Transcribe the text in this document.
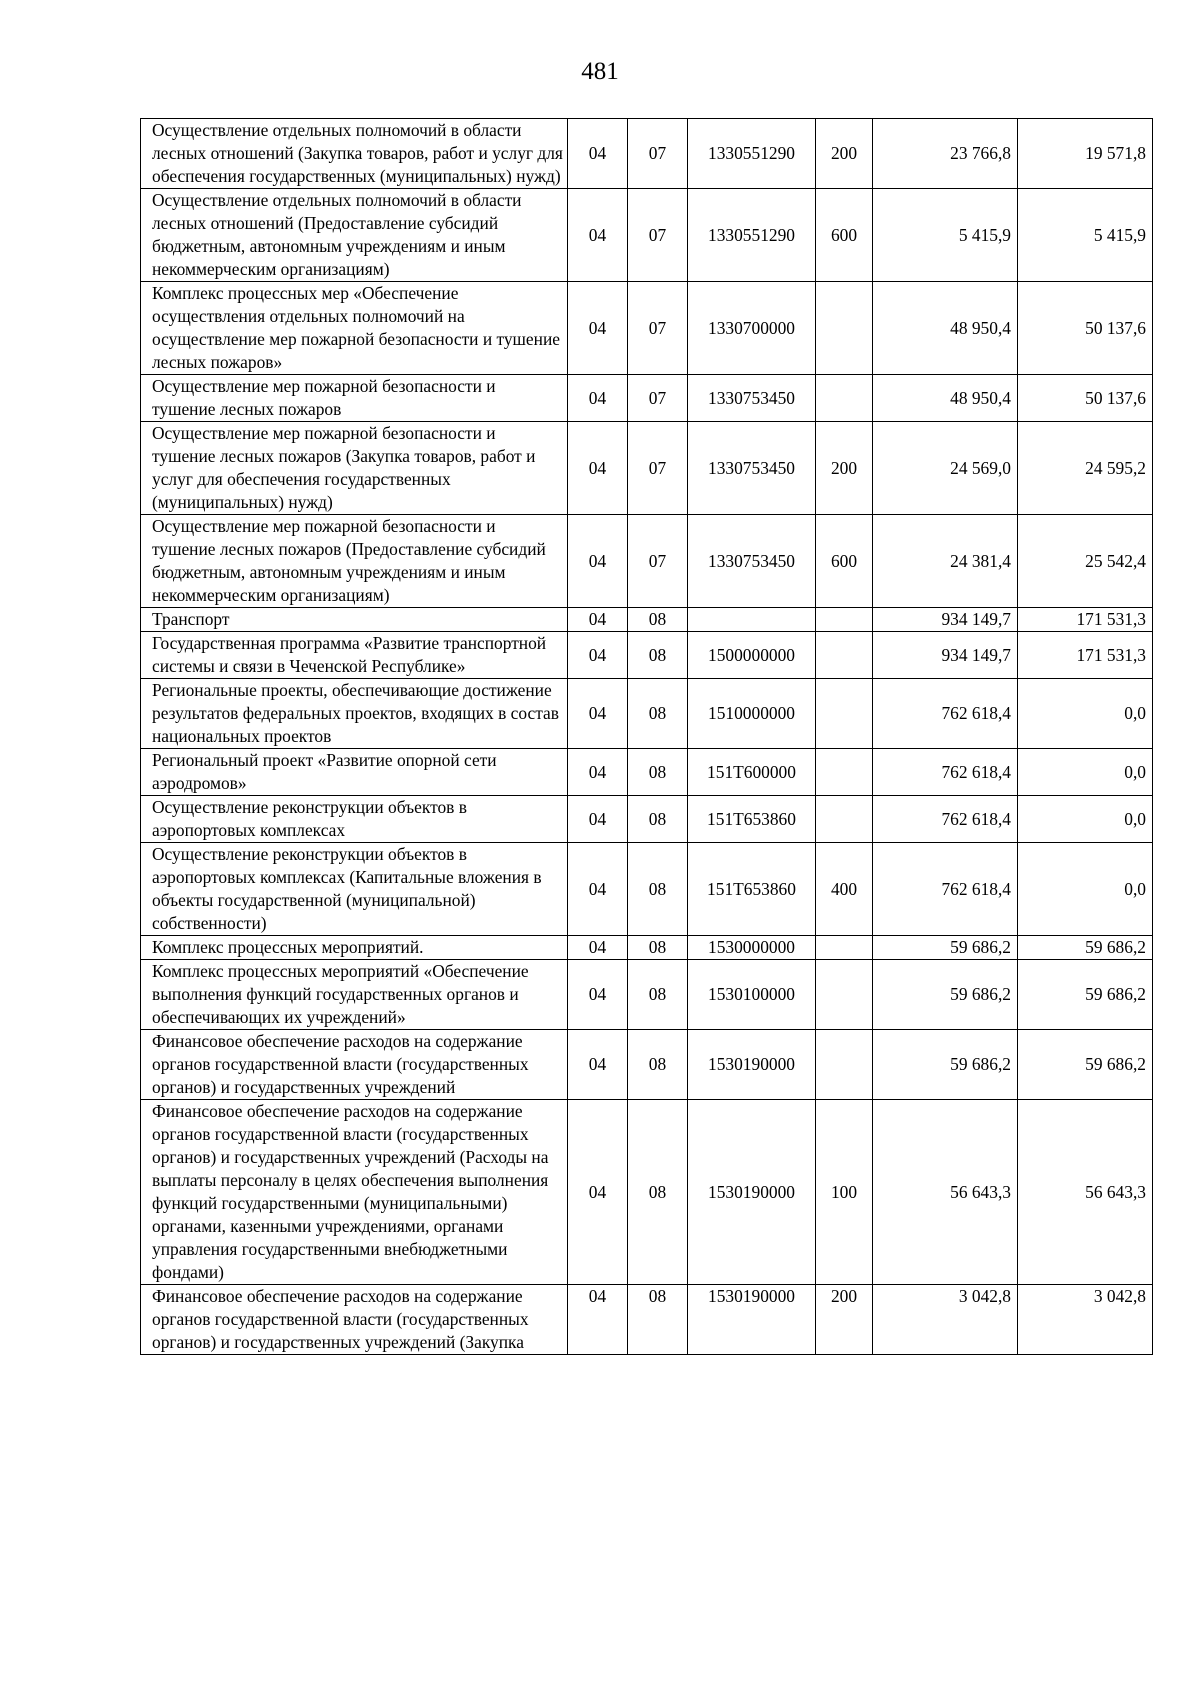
481
Осуществление отдельных полномочий в области лесных отношений (Закупка товаров, работ и услуг для обеспечения государственных (муниципальных) нужд)	04	07	1330551290	200	23 766,8	19 571,8
Осуществление отдельных полномочий в области лесных отношений (Предоставление субсидий бюджетным, автономным учреждениям и иным некоммерческим организациям)	04	07	1330551290	600	5 415,9	5 415,9
Комплекс процессных мер «Обеспечение осуществления отдельных полномочий на осуществление мер пожарной безопасности и тушение лесных пожаров»	04	07	1330700000		48 950,4	50 137,6
Осуществление мер пожарной безопасности и тушение лесных пожаров	04	07	1330753450		48 950,4	50 137,6
Осуществление мер пожарной безопасности и тушение лесных пожаров (Закупка товаров, работ и услуг для обеспечения государственных (муниципальных) нужд)	04	07	1330753450	200	24 569,0	24 595,2
Осуществление мер пожарной безопасности и тушение лесных пожаров (Предоставление субсидий бюджетным, автономным учреждениям и иным некоммерческим организациям)	04	07	1330753450	600	24 381,4	25 542,4
Транспорт	04	08			934 149,7	171 531,3
Государственная программа «Развитие транспортной системы и связи в Чеченской Республике»	04	08	1500000000		934 149,7	171 531,3
Региональные проекты, обеспечивающие достижение результатов федеральных проектов, входящих в состав национальных проектов	04	08	1510000000		762 618,4	0,0
Региональный проект «Развитие опорной сети аэродромов»	04	08	151Т600000		762 618,4	0,0
Осуществление реконструкции объектов в аэропортовых комплексах	04	08	151Т653860		762 618,4	0,0
Осуществление реконструкции объектов в аэропортовых комплексах (Капитальные вложения в объекты государственной (муниципальной) собственности)	04	08	151Т653860	400	762 618,4	0,0
Комплекс процессных мероприятий.	04	08	1530000000		59 686,2	59 686,2
Комплекс процессных мероприятий «Обеспечение выполнения функций государственных органов и обеспечивающих их учреждений»	04	08	1530100000		59 686,2	59 686,2
Финансовое обеспечение расходов на содержание органов государственной власти (государственных органов) и государственных учреждений	04	08	1530190000		59 686,2	59 686,2
Финансовое обеспечение расходов на содержание органов государственной власти (государственных органов) и государственных учреждений (Расходы на выплаты персоналу в целях обеспечения выполнения функций государственными (муниципальными) органами, казенными учреждениями, органами управления государственными внебюджетными фондами)	04	08	1530190000	100	56 643,3	56 643,3
Финансовое обеспечение расходов на содержание органов государственной власти (государственных органов) и государственных учреждений (Закупка	04	08	1530190000	200	3 042,8	3 042,8
